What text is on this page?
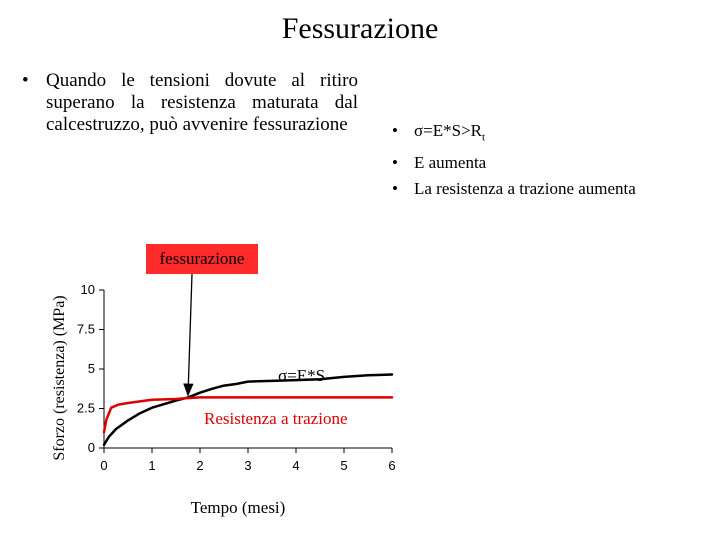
Fessurazione
• Quando le tensioni dovute al ritiro superano la resistenza maturata dal calcestruzzo, può avvenire fessurazione	• $\sigma=E*S>R_t$
• E aumenta
• La resistenza a trazione aumenta
0
2.5
5
7.5
10
0	1	2	3	4	5	6
σ=E*S
Resistenza a trazione
fessurazione
Sforzo (resistenza) (MPa)
Tempo (mesi)
